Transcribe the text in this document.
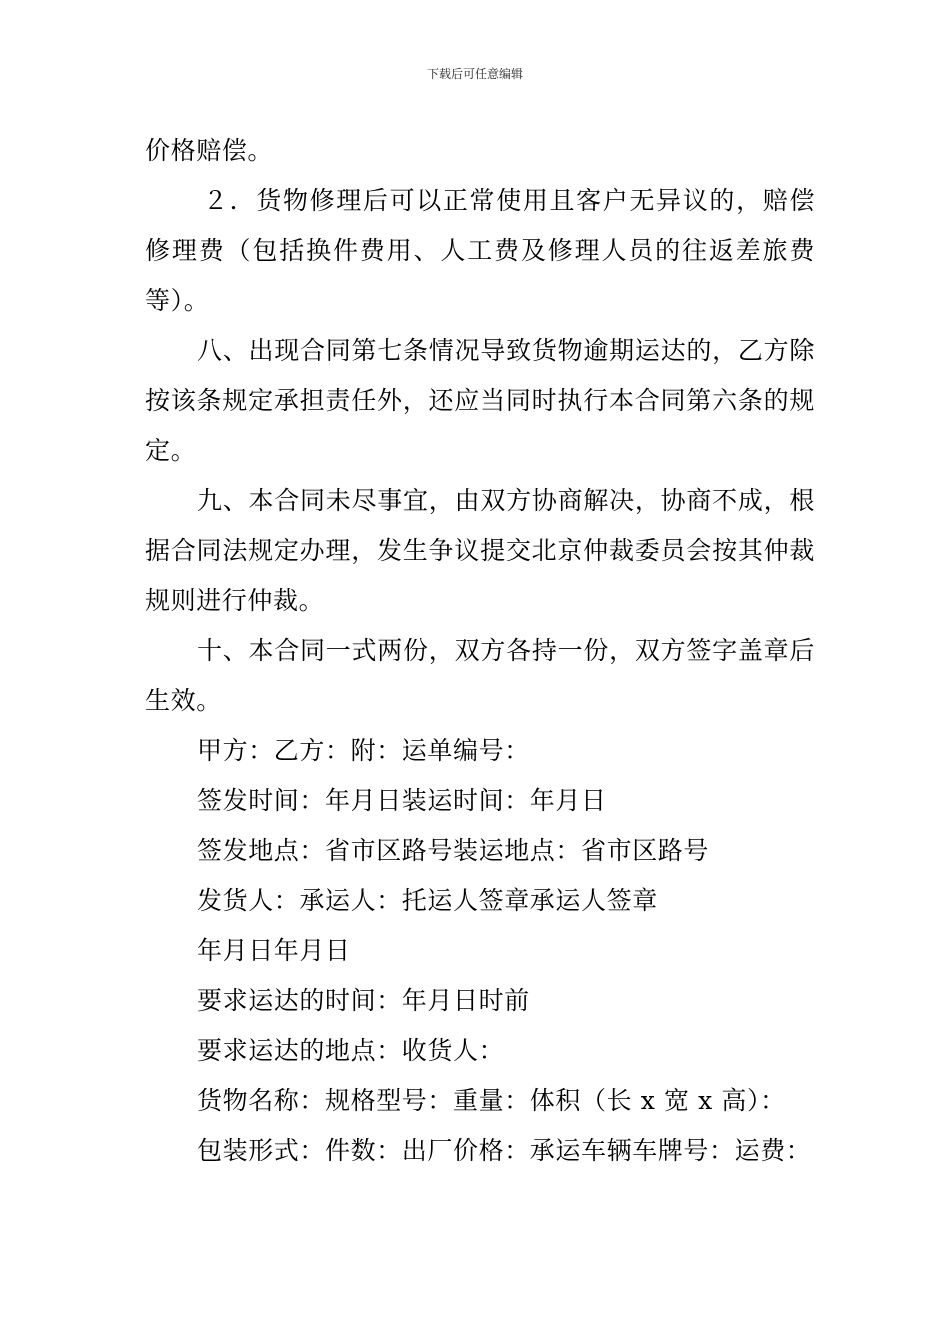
下载后可任意编辑

价格赔偿。

２．货物修理后可以正常使用且客户无异议的，赔偿修理费（包括换件费用、人工费及修理人员的往返差旅费等）。

八、出现合同第七条情况导致货物逾期运达的，乙方除按该条规定承担责任外，还应当同时执行本合同第六条的规定。

九、本合同未尽事宜，由双方协商解决，协商不成，根据合同法规定办理，发生争议提交北京仲裁委员会按其仲裁规则进行仲裁。

十、本合同一式两份，双方各持一份，双方签字盖章后生效。

甲方：乙方：附：运单编号：

签发时间：年月日装运时间：年月日

签发地点：省市区路号装运地点：省市区路号

发货人：承运人：托运人签章承运人签章

年月日年月日

要求运达的时间：年月日时前

要求运达的地点：收货人：

货物名称：规格型号：重量：体积（长 x 宽 x 高）：

包装形式：件数：出厂价格：承运车辆车牌号：运费：
